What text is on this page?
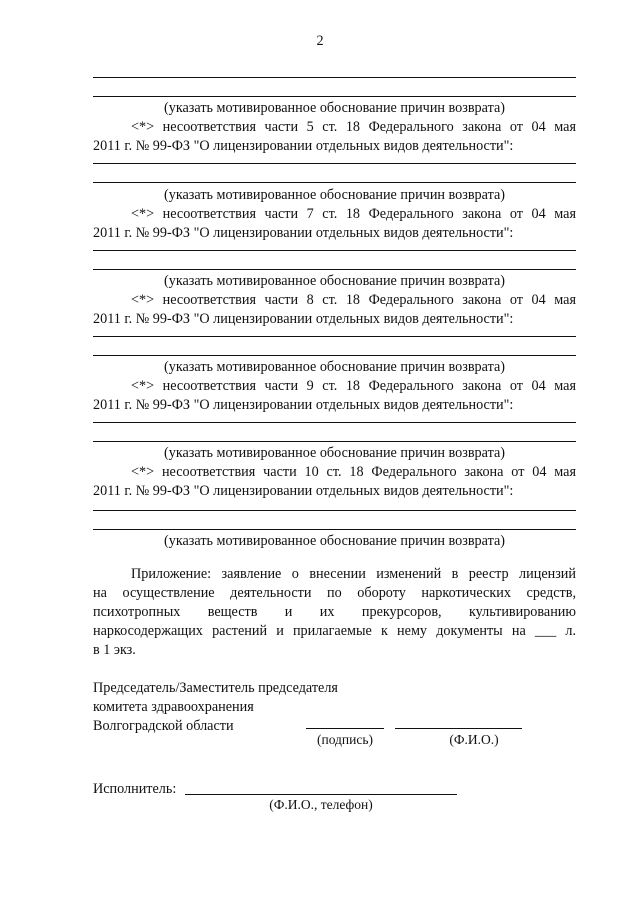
2
(указать мотивированное обоснование причин возврата)
<*> несоответствия части 5 ст. 18 Федерального закона от 04 мая
2011 г. № 99-ФЗ "О лицензировании отдельных видов деятельности":
(указать мотивированное обоснование причин возврата)
<*> несоответствия части 7 ст. 18 Федерального закона от 04 мая
2011 г. № 99-ФЗ "О лицензировании отдельных видов деятельности":
(указать мотивированное обоснование причин возврата)
<*> несоответствия части 8 ст. 18 Федерального закона от 04 мая
2011 г. № 99-ФЗ "О лицензировании отдельных видов деятельности":
(указать мотивированное обоснование причин возврата)
<*> несоответствия части 9 ст. 18 Федерального закона от 04 мая
2011 г. № 99-ФЗ "О лицензировании отдельных видов деятельности":
(указать мотивированное обоснование причин возврата)
<*> несоответствия части 10 ст. 18 Федерального закона от 04 мая
2011 г. № 99-ФЗ "О лицензировании отдельных видов деятельности":
(указать мотивированное обоснование причин возврата)
Приложение: заявление о внесении изменений в реестр лицензий
на осуществление деятельности по обороту наркотических средств,
психотропных веществ и их прекурсоров, культивированию
наркосодержащих растений и прилагаемые к нему документы на ___ л.
в 1 экз.
Председатель/Заместитель председателя
комитета здравоохранения
Волгоградской области
(подпись)	(Ф.И.О.)
Исполнитель:
(Ф.И.О., телефон)
